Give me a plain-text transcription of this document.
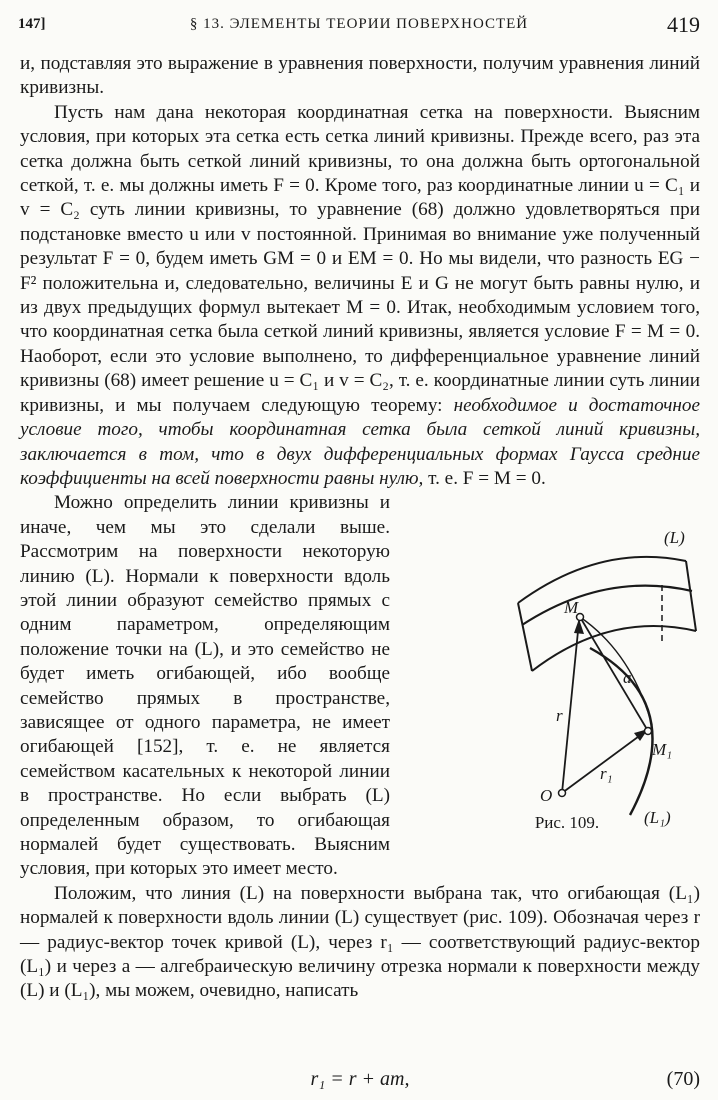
147]	§ 13. ЭЛЕМЕНТЫ ТЕОРИИ ПОВЕРХНОСТЕЙ	419

и, подставляя это выражение в уравнения поверхности, получим уравнения линий кривизны.

Пусть нам дана некоторая координатная сетка на поверхности. Выясним условия, при которых эта сетка есть сетка линий кривизны. Прежде всего, раз эта сетка должна быть сеткой линий кривизны, то она должна быть ортогональной сеткой, т. е. мы должны иметь F = 0. Кроме того, раз координатные линии u = C₁ и v = C₂ суть линии кривизны, то уравнение (68) должно удовлетворяться при подстановке вместо u или v постоянной. Принимая во внимание уже полученный результат F = 0, будем иметь GM = 0 и EM = 0. Но мы видели, что разность EG − F² положительна и, следовательно, величины E и G не могут быть равны нулю, и из двух предыдущих формул вытекает M = 0. Итак, необходимым условием того, что координатная сетка была сеткой линий кривизны, является условие F = M = 0. Наоборот, если это условие выполнено, то дифференциальное уравнение линий кривизны (68) имеет решение u = C₁ и v = C₂, т. е. координатные линии суть линии кривизны, и мы получаем следующую теорему: необходимое и достаточное условие того, чтобы координатная сетка была сеткой линий кривизны, заключается в том, что в двух дифференциальных формах Гаусса средние коэффициенты на всей поверхности равны нулю, т. е. F = M = 0.

(L)
M
a
r
M₁
r₁
O
(L₁)
Рис. 109.
Можно определить линии кривизны и иначе, чем мы это сделали выше. Рассмотрим на поверхности некоторую линию (L). Нормали к поверхности вдоль этой линии образуют семейство прямых с одним параметром, определяющим положение точки на (L), и это семейство не будет иметь огибающей, ибо вообще семейство прямых в пространстве, зависящее от одного параметра, не имеет огибающей [152], т. е. не является семейством касательных к некоторой линии в пространстве. Но если выбрать (L) определенным образом, то огибающая нормалей будет существовать. Выясним условия, при которых это имеет место.

Положим, что линия (L) на поверхности выбрана так, что огибающая (L₁) нормалей к поверхности вдоль линии (L) существует (рис. 109). Обозначая через r — радиус-вектор точек кривой (L), через r₁ — соответствующий радиус-вектор (L₁) и через a — алгебраическую величину отрезка нормали к поверхности между (L) и (L₁), мы можем, очевидно, написать

r₁ = r + am,	(70)
